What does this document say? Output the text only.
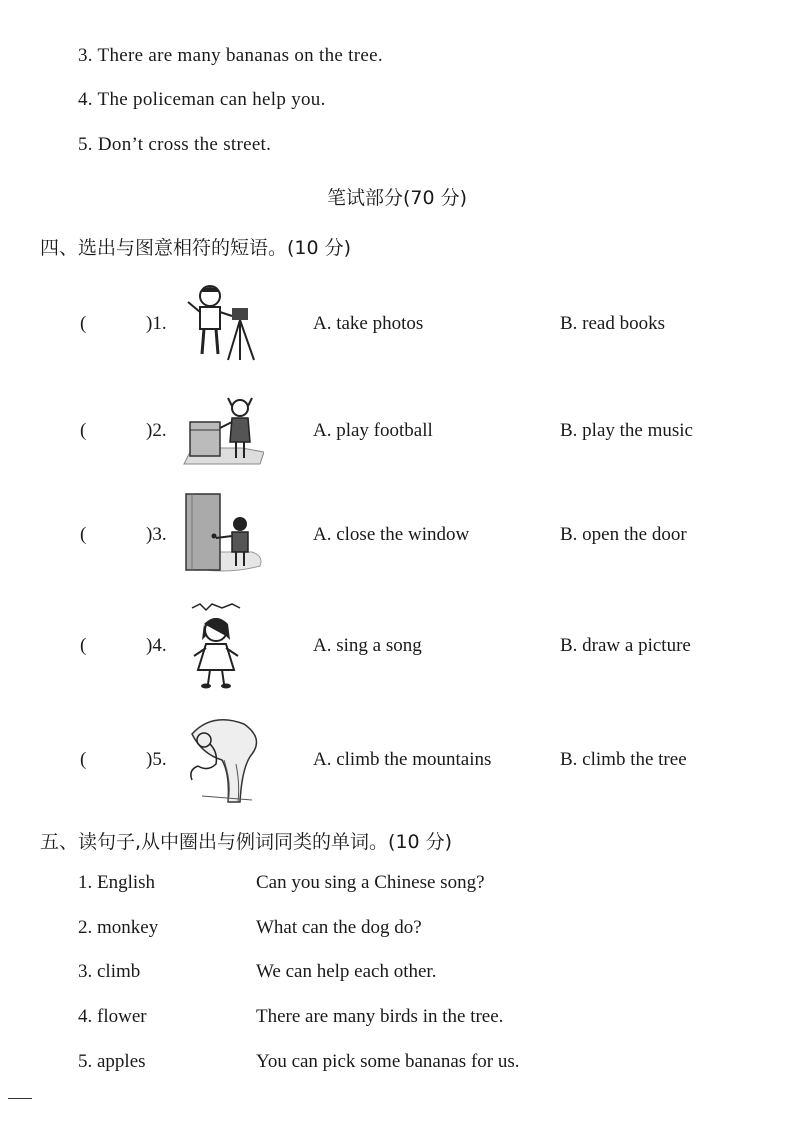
3. There are many bananas on the tree.
4. The policeman can help you.
5. Don’t cross the street.
笔试部分(70 分)
四、选出与图意相符的短语。(10 分)
(	)1.	A. take photos	B. read books
(	)2.	A. play football	B. play the music
(	)3.	A. close the window	B. open the door
(	)4.	A. sing a song	B. draw a picture
(	)5.	A. climb the mountains	B. climb the tree
五、读句子,从中圈出与例词同类的单词。(10 分)
1. English	Can you sing a Chinese song?
2. monkey	What can the dog do?
3. climb	We can help each other.
4. flower	There are many birds in the tree.
5. apples	You can pick some bananas for us.
